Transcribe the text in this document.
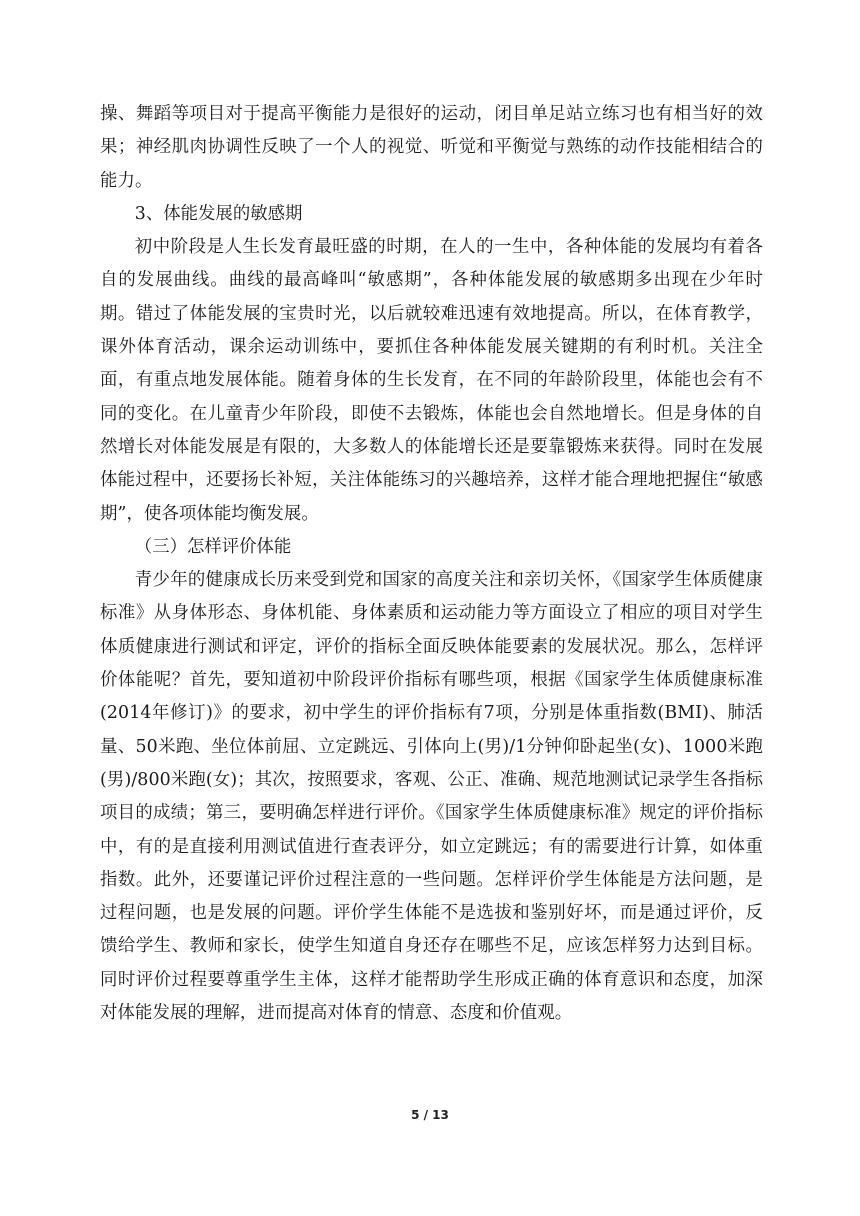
操、舞蹈等项目对于提高平衡能力是很好的运动，闭目单足站立练习也有相当好的效果；神经肌肉协调性反映了一个人的视觉、听觉和平衡觉与熟练的动作技能相结合的能力。

3、体能发展的敏感期

初中阶段是人生长发育最旺盛的时期，在人的一生中，各种体能的发展均有着各自的发展曲线。曲线的最高峰叫“敏感期”，各种体能发展的敏感期多出现在少年时期。错过了体能发展的宝贵时光，以后就较难迅速有效地提高。所以，在体育教学，课外体育活动，课余运动训练中，要抓住各种体能发展关键期的有利时机。关注全面，有重点地发展体能。随着身体的生长发育，在不同的年龄阶段里，体能也会有不同的变化。在儿童青少年阶段，即使不去锻炼，体能也会自然地增长。但是身体的自然增长对体能发展是有限的，大多数人的体能增长还是要靠锻炼来获得。同时在发展体能过程中，还要扬长补短，关注体能练习的兴趣培养，这样才能合理地把握住“敏感期”，使各项体能均衡发展。

（三）怎样评价体能

青少年的健康成长历来受到党和国家的高度关注和亲切关怀，《国家学生体质健康标准》从身体形态、身体机能、身体素质和运动能力等方面设立了相应的项目对学生体质健康进行测试和评定，评价的指标全面反映体能要素的发展状况。那么，怎样评价体能呢？首先，要知道初中阶段评价指标有哪些项，根据《国家学生体质健康标准(2014年修订)》的要求，初中学生的评价指标有7项，分别是体重指数(BMI)、肺活量、50米跑、坐位体前屈、立定跳远、引体向上(男)/1分钟仰卧起坐(女)、1000米跑(男)/800米跑(女)；其次，按照要求，客观、公正、准确、规范地测试记录学生各指标项目的成绩；第三，要明确怎样进行评价。《国家学生体质健康标准》规定的评价指标中，有的是直接利用测试值进行查表评分，如立定跳远；有的需要进行计算，如体重指数。此外，还要谨记评价过程注意的一些问题。怎样评价学生体能是方法问题，是过程问题，也是发展的问题。评价学生体能不是选拔和鉴别好坏，而是通过评价，反馈给学生、教师和家长，使学生知道自身还存在哪些不足，应该怎样努力达到目标。同时评价过程要尊重学生主体，这样才能帮助学生形成正确的体育意识和态度，加深对体能发展的理解，进而提高对体育的情意、态度和价值观。

5 / 13
